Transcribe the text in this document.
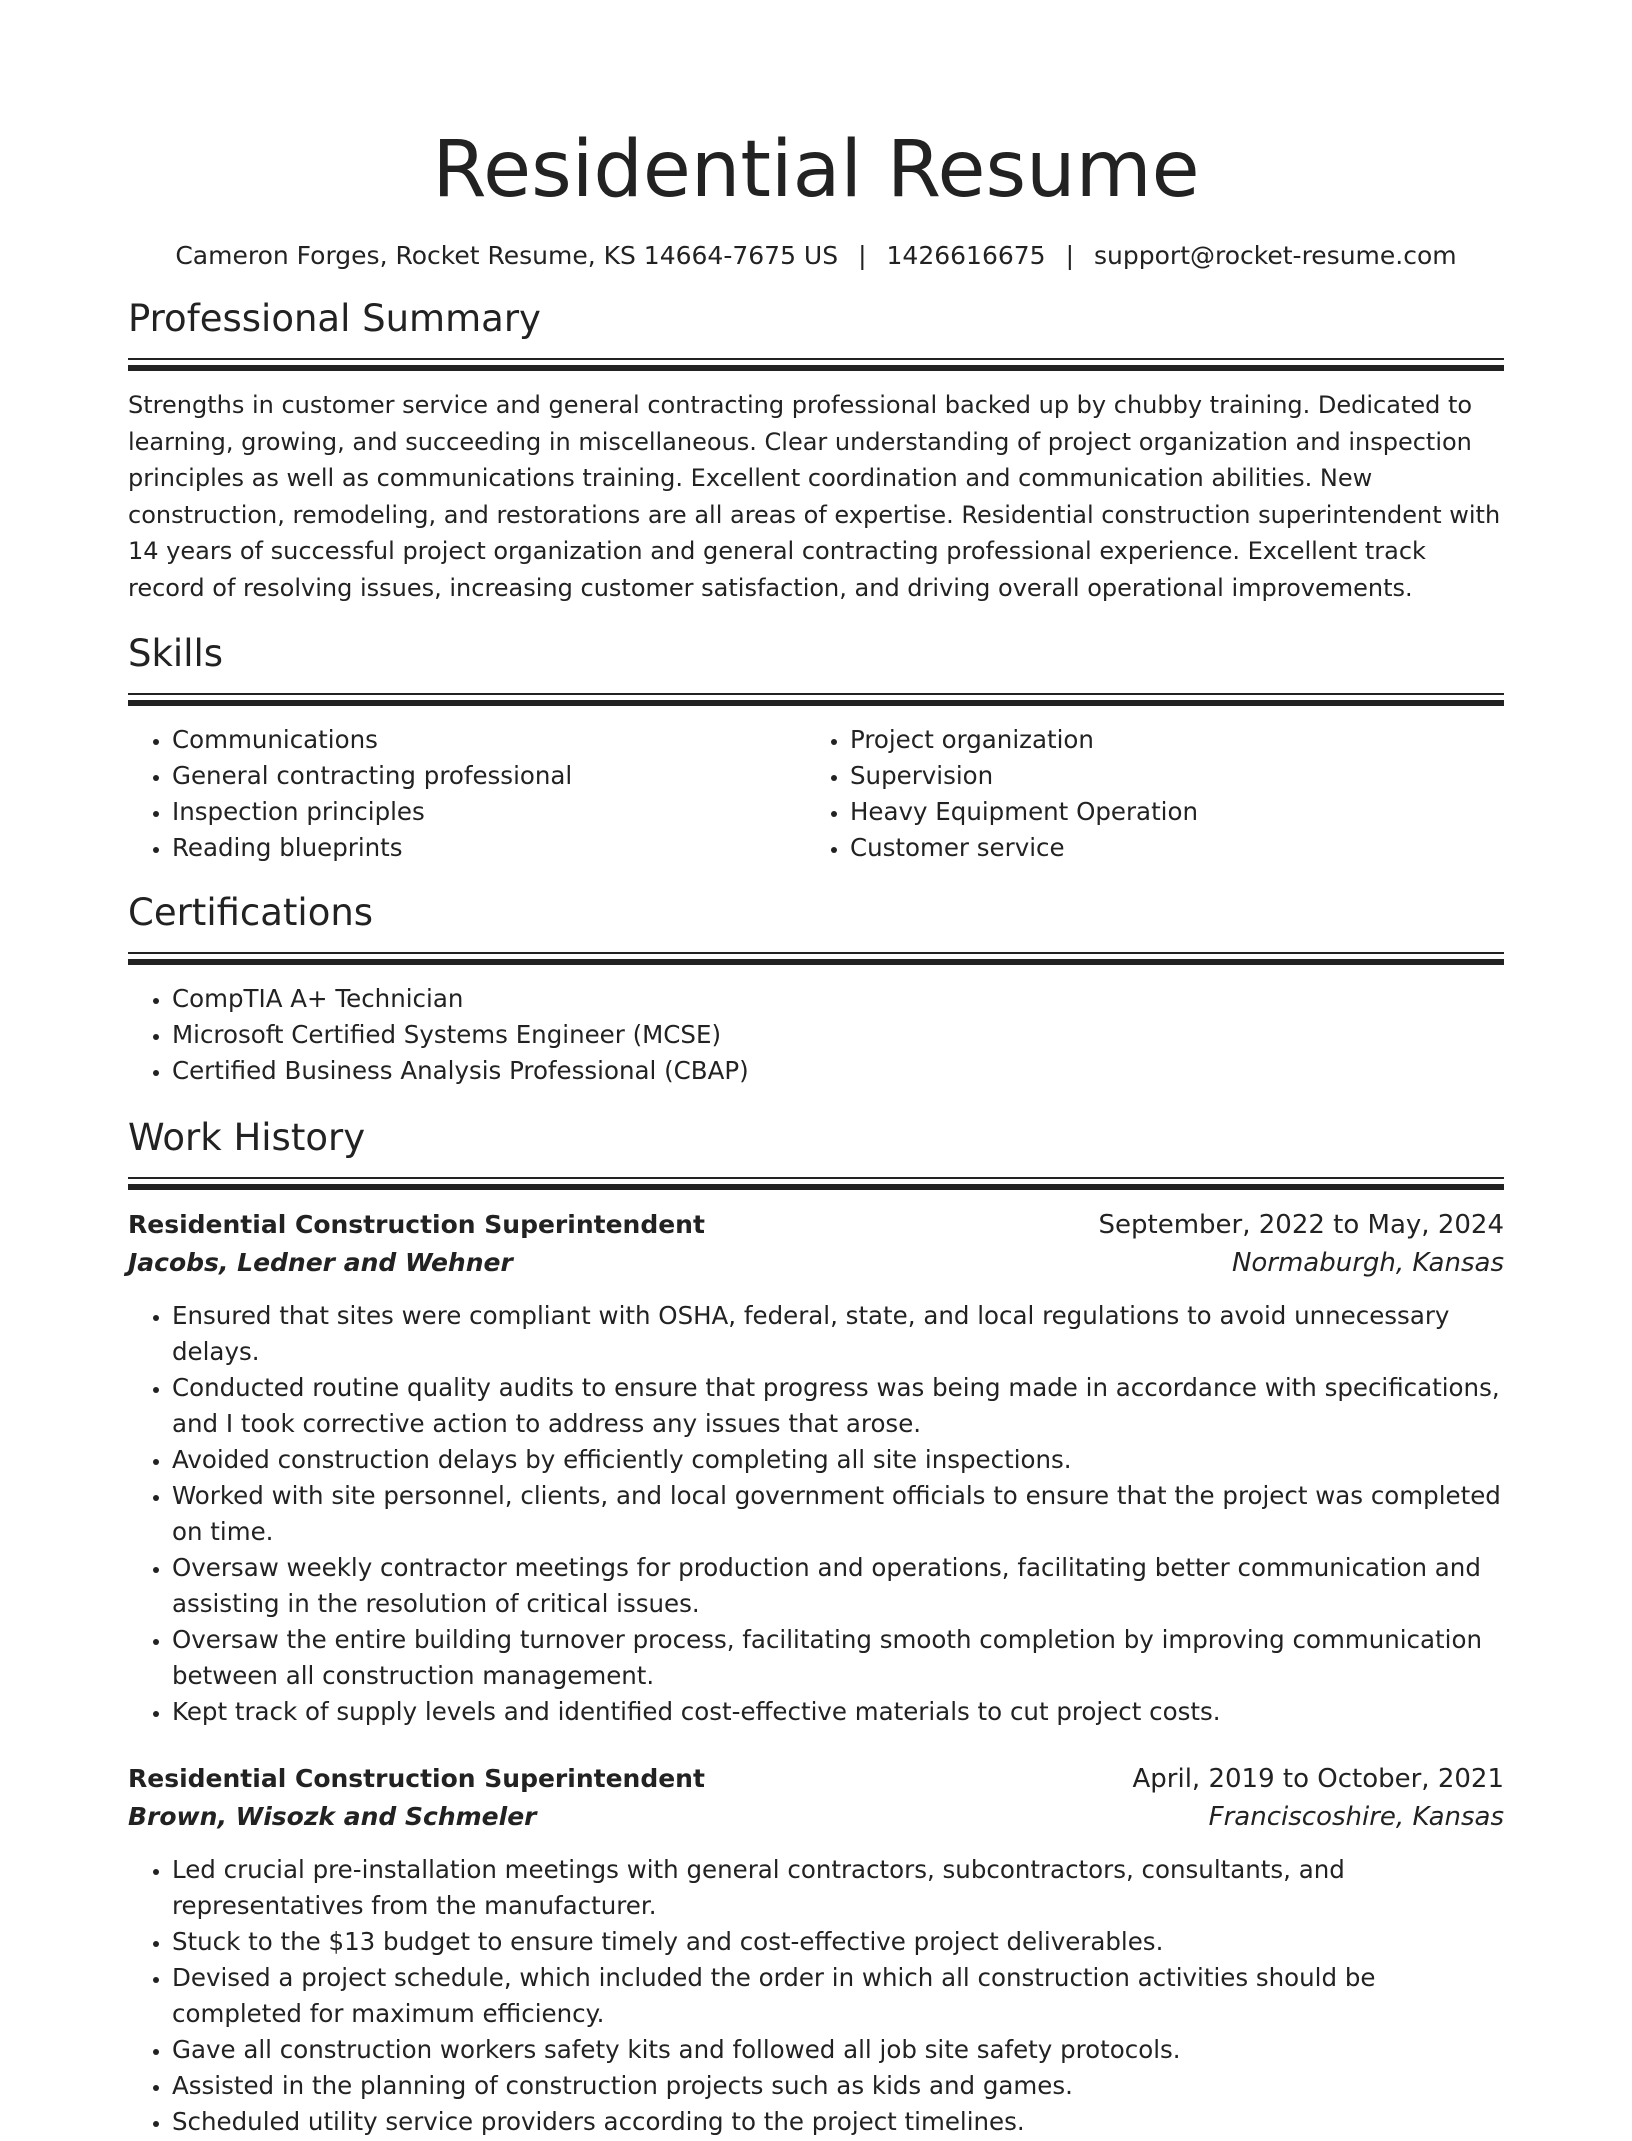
Residential Resume
Cameron Forges, Rocket Resume, KS 14664-7675 US | 1426616675 | support@rocket-resume.com
Professional Summary

Strengths in customer service and general contracting professional backed up by chubby training. Dedicated to learning, growing, and succeeding in miscellaneous. Clear understanding of project organization and inspection principles as well as communications training. Excellent coordination and communication abilities. New construction, remodeling, and restorations are all areas of expertise. Residential construction superintendent with 14 years of successful project organization and general contracting professional experience. Excellent track record of resolving issues, increasing customer satisfaction, and driving overall operational improvements.

Skills
• Communications
• General contracting professional
• Inspection principles
• Reading blueprints
• Project organization
• Supervision
• Heavy Equipment Operation
• Customer service
Certifications
• CompTIA A+ Technician
• Microsoft Certified Systems Engineer (MCSE)
• Certified Business Analysis Professional (CBAP)
Work History
Residential Construction Superintendent	September, 2022 to May, 2024
Jacobs, Ledner and Wehner	Normaburgh, Kansas
• Ensured that sites were compliant with OSHA, federal, state, and local regulations to avoid unnecessary delays.
• Conducted routine quality audits to ensure that progress was being made in accordance with specifications, and I took corrective action to address any issues that arose.
• Avoided construction delays by efficiently completing all site inspections.
• Worked with site personnel, clients, and local government officials to ensure that the project was completed on time.
• Oversaw weekly contractor meetings for production and operations, facilitating better communication and assisting in the resolution of critical issues.
• Oversaw the entire building turnover process, facilitating smooth completion by improving communication between all construction management.
• Kept track of supply levels and identified cost-effective materials to cut project costs.
Residential Construction Superintendent	April, 2019 to October, 2021
Brown, Wisozk and Schmeler	Franciscoshire, Kansas
• Led crucial pre-installation meetings with general contractors, subcontractors, consultants, and representatives from the manufacturer.
• Stuck to the $13 budget to ensure timely and cost-effective project deliverables.
• Devised a project schedule, which included the order in which all construction activities should be completed for maximum efficiency.
• Gave all construction workers safety kits and followed all job site safety protocols.
• Assisted in the planning of construction projects such as kids and games.
• Scheduled utility service providers according to the project timelines.
